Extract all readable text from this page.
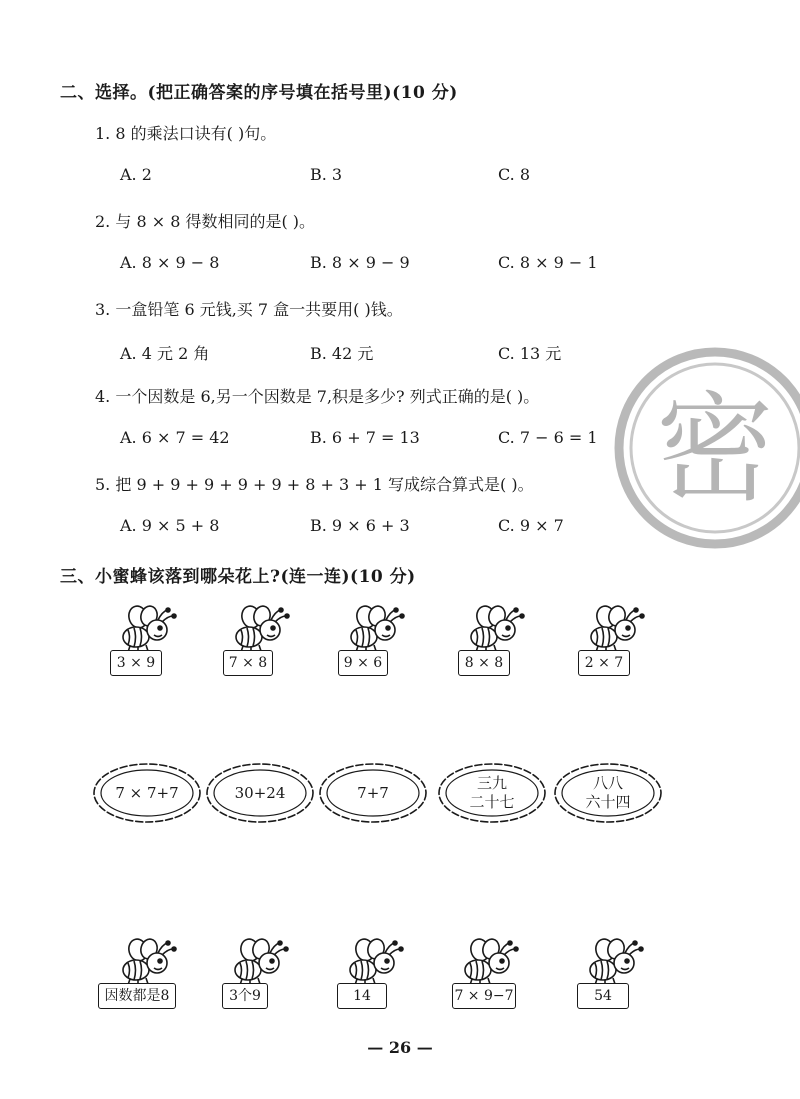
二、选择。(把正确答案的序号填在括号里)(10 分)
1. 8 的乘法口诀有( )句。
A. 2	B. 3	C. 8
2. 与 8 × 8 得数相同的是( )。
A. 8 × 9 − 8	B. 8 × 9 − 9	C. 8 × 9 − 1
3. 一盒铅笔 6 元钱,买 7 盒一共要用( )钱。
A. 4 元 2 角	B. 42 元	C. 13 元
4. 一个因数是 6,另一个因数是 7,积是多少? 列式正确的是( )。
A. 6 × 7 = 42	B. 6 + 7 = 13	C. 7 − 6 = 1
5. 把 9 + 9 + 9 + 9 + 9 + 8 + 3 + 1 写成综合算式是( )。
A. 9 × 5 + 8	B. 9 × 6 + 3	C. 9 × 7
密
三、小蜜蜂该落到哪朵花上?(连一连)(10 分)
3 × 9	7 × 8	9 × 6	8 × 8	2 × 7
7 × 7+7	30+24	7+7

三九
二十七
八八
六十四
因数都是8	3个9	14	7 × 9−7	54
— 26 —
